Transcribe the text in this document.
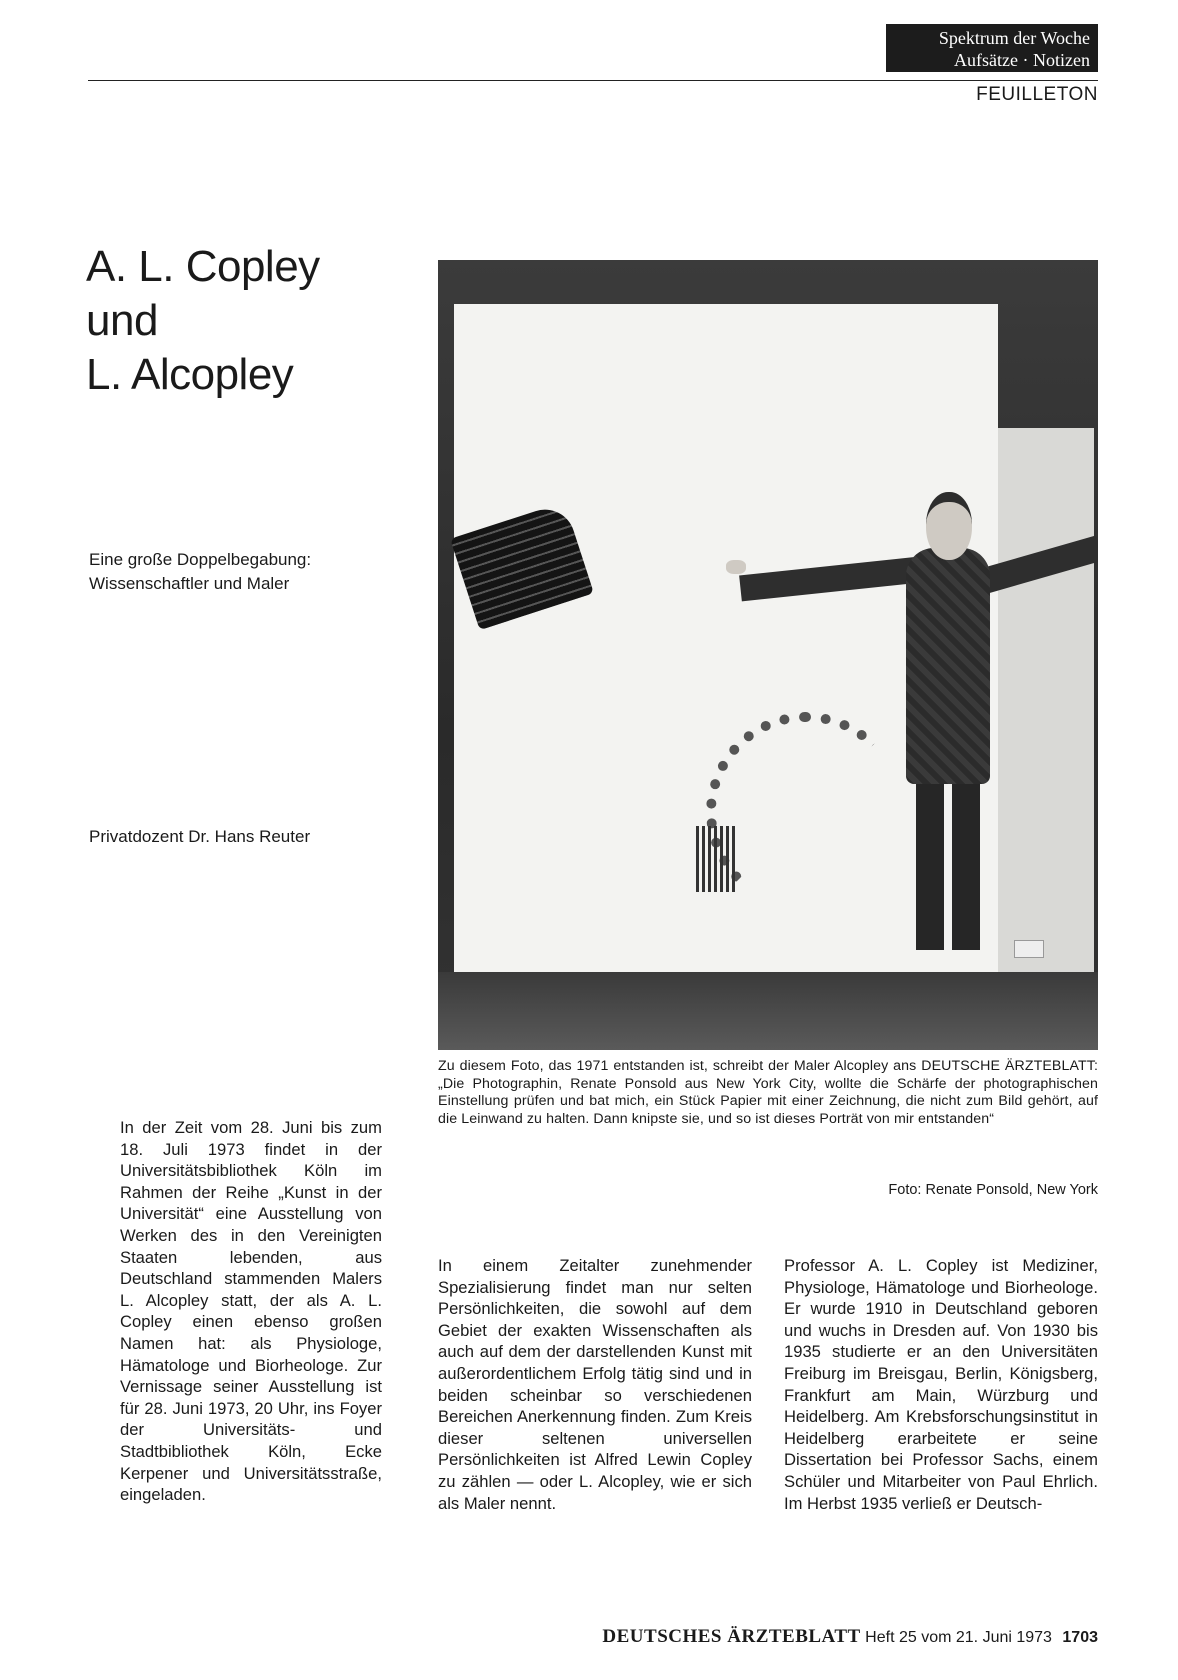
Spektrum der Woche
Aufsätze · Notizen
FEUILLETON
A. L. Copley
und
L. Alcopley
Eine große Doppelbegabung:
Wissenschaftler und Maler
Privatdozent Dr. Hans Reuter
Zu diesem Foto, das 1971 entstanden ist, schreibt der Maler Alcopley ans DEUTSCHE ÄRZTEBLATT: „Die Photographin, Renate Ponsold aus New York City, wollte die Schärfe der photographischen Einstellung prüfen und bat mich, ein Stück Papier mit einer Zeichnung, die nicht zum Bild gehört, auf die Leinwand zu halten. Dann knipste sie, und so ist dieses Porträt von mir entstanden“
Foto: Renate Ponsold, New York
In der Zeit vom 28. Juni bis zum 18. Juli 1973 findet in der Universitätsbibliothek Köln im Rahmen der Reihe „Kunst in der Universität“ eine Ausstellung von Werken des in den Vereinigten Staaten lebenden, aus Deutschland stammenden Malers L. Alcopley statt, der als A. L. Copley einen ebenso großen Namen hat: als Physiologe, Hämatologe und Biorheologe. Zur Vernissage seiner Ausstellung ist für 28. Juni 1973, 20 Uhr, ins Foyer der Universitäts- und Stadtbibliothek Köln, Ecke Kerpener und Universitätsstraße, eingeladen.
In einem Zeitalter zunehmender Spezialisierung findet man nur selten Persönlichkeiten, die sowohl auf dem Gebiet der exakten Wissenschaften als auch auf dem der darstellenden Kunst mit außerordentlichem Erfolg tätig sind und in beiden scheinbar so verschiedenen Bereichen Anerkennung finden. Zum Kreis dieser seltenen universellen Persönlichkeiten ist Alfred Lewin Copley zu zählen — oder L. Alcopley, wie er sich als Maler nennt.
Professor A. L. Copley ist Mediziner, Physiologe, Hämatologe und Biorheologe. Er wurde 1910 in Deutschland geboren und wuchs in Dresden auf. Von 1930 bis 1935 studierte er an den Universitäten Freiburg im Breisgau, Berlin, Königsberg, Frankfurt am Main, Würzburg und Heidelberg. Am Krebsforschungsinstitut in Heidelberg erarbeitete er seine Dissertation bei Professor Sachs, einem Schüler und Mitarbeiter von Paul Ehrlich. Im Herbst 1935 verließ er Deutsch-
DEUTSCHES ÄRZTEBLATT Heft 25 vom 21. Juni 1973 1703
